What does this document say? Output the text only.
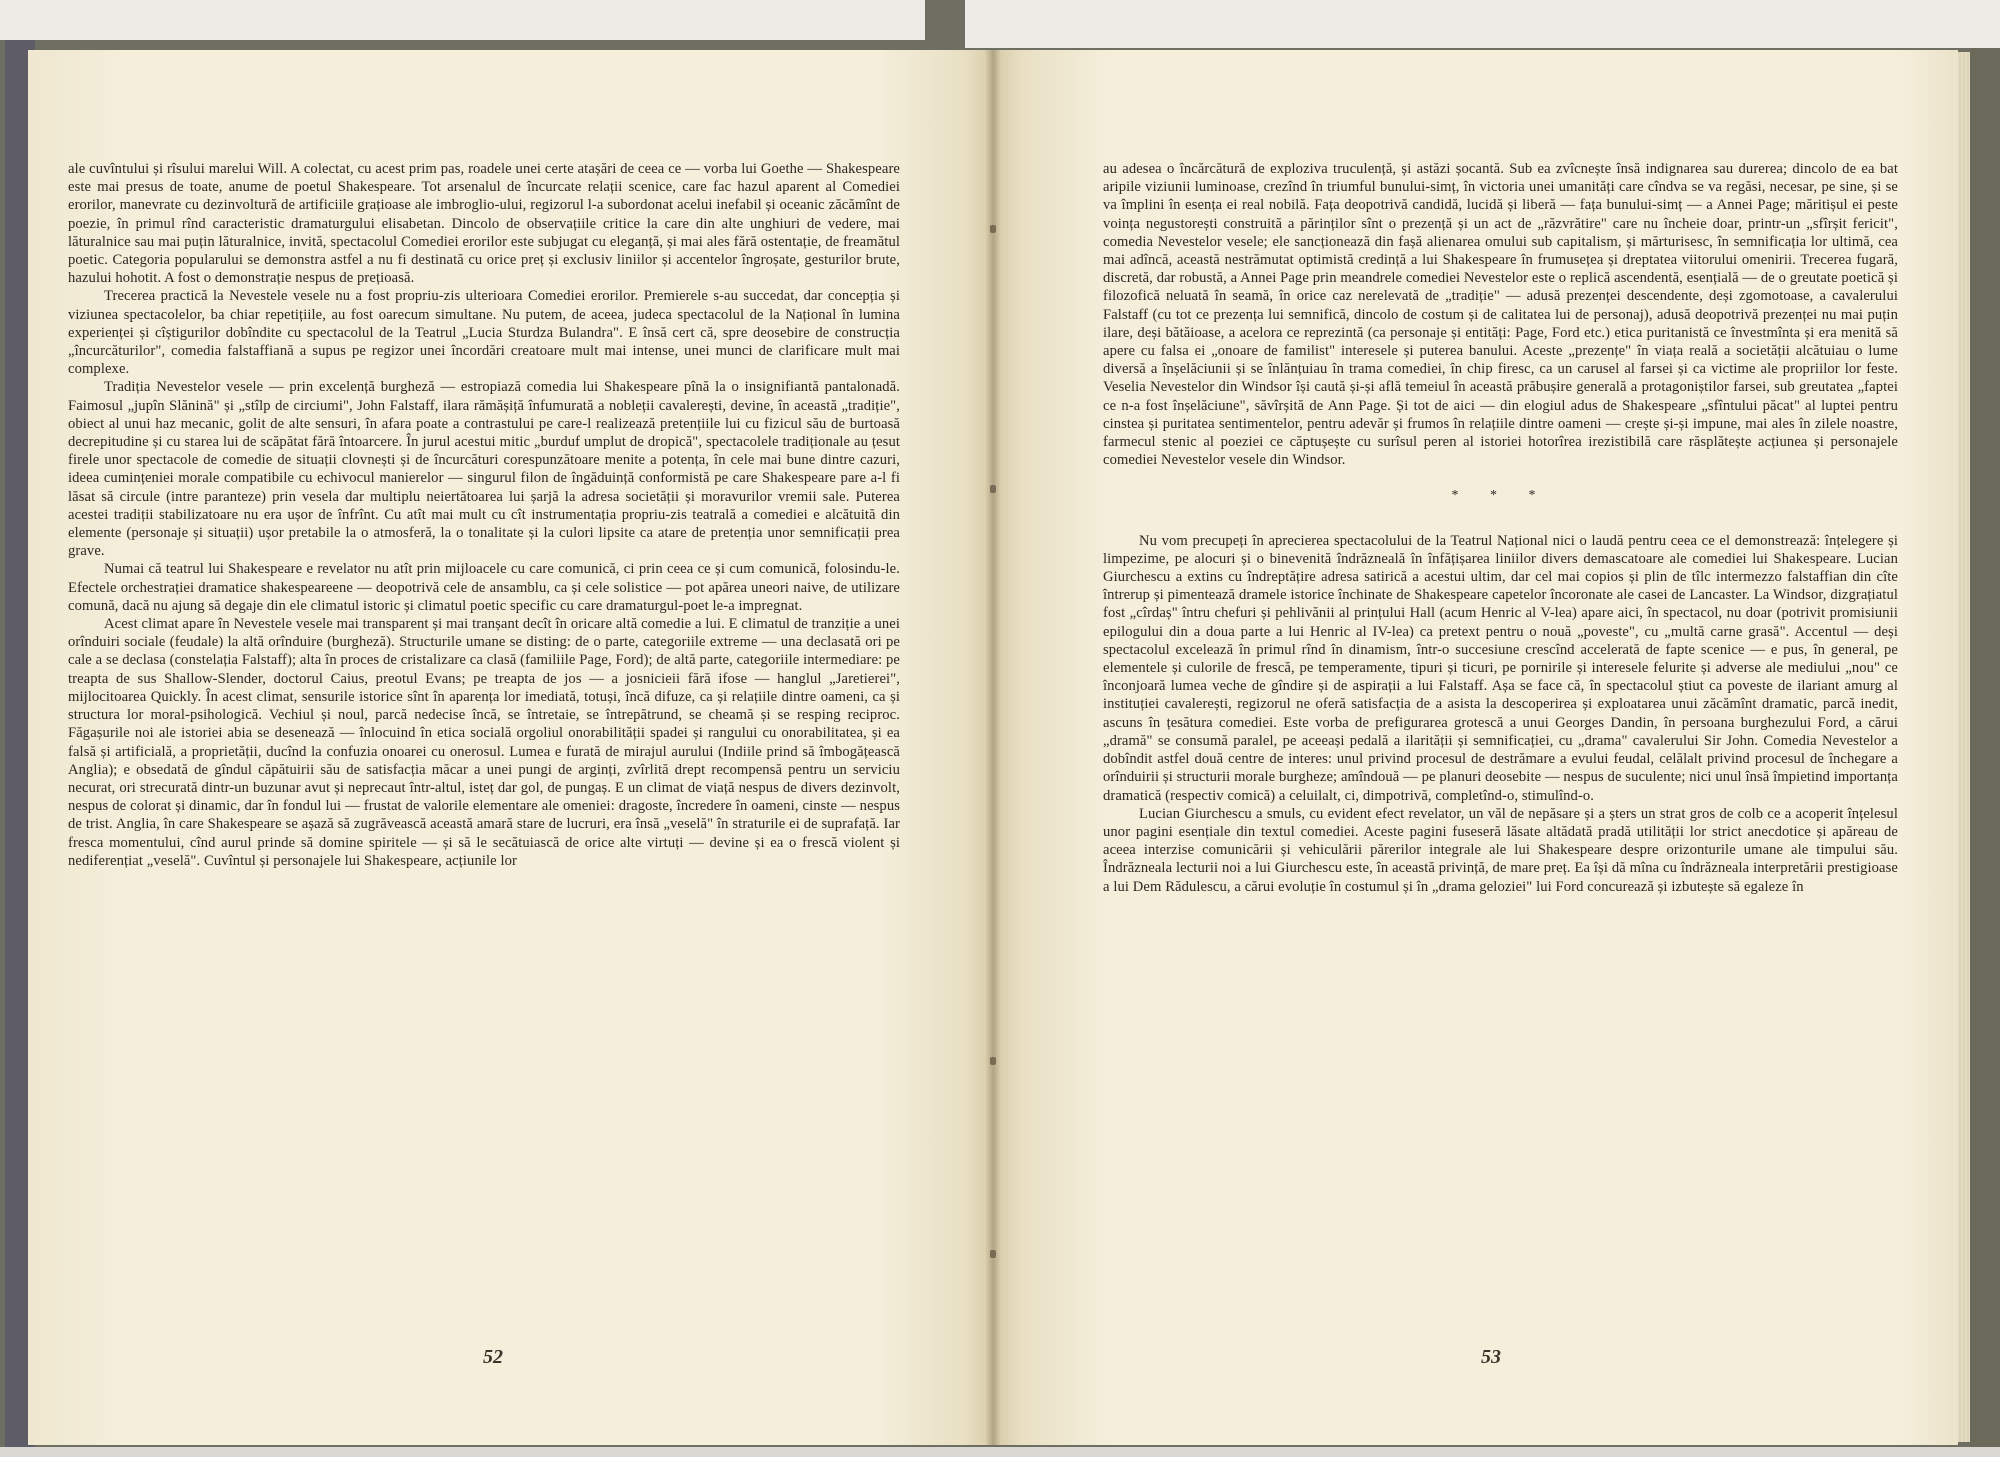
ale cuvîntului și rîsului marelui Will. A colectat, cu acest prim pas, roadele unei certe atașări de ceea ce — vorba lui Goethe — Shakespeare este mai presus de toate, anume de poetul Shakespeare. Tot arsenalul de încurcate relații scenice, care fac hazul aparent al Comediei erorilor, manevrate cu dezinvoltură de artificiile grațioase ale imbroglio-ului, regizorul l-a subordonat acelui inefabil și oceanic zăcămînt de poezie, în primul rînd caracteristic dramaturgului elisabetan. Dincolo de observațiile critice la care din alte unghiuri de vedere, mai lăturalnice sau mai puțin lăturalnice, invită, spectacolul Comediei erorilor este subjugat cu eleganță, și mai ales fără ostentație, de freamătul poetic. Categoria popularului se demonstra astfel a nu fi destinată cu orice preț și exclusiv liniilor și accentelor îngroșate, gesturilor brute, hazului hohotit. A fost o demonstrație nespus de prețioasă.

Trecerea practică la Nevestele vesele nu a fost propriu-zis ulterioara Comediei erorilor. Premierele s-au succedat, dar concepția și viziunea spectacolelor, ba chiar repetițiile, au fost oarecum simultane. Nu putem, de aceea, judeca spectacolul de la Național în lumina experienței și cîștigurilor dobîndite cu spectacolul de la Teatrul „Lucia Sturdza Bulandra". E însă cert că, spre deosebire de construcția „încurcăturilor", comedia falstaffiană a supus pe regizor unei încordări creatoare mult mai intense, unei munci de clarificare mult mai complexe.

Tradiția Nevestelor vesele — prin excelență burgheză — estropiază comedia lui Shakespeare pînă la o insignifiantă pantalonadă. Faimosul „jupîn Slănină" și „stîlp de circiumi", John Falstaff, ilara rămășiță înfumurată a nobleții cavalerești, devine, în această „tradiție", obiect al unui haz mecanic, golit de alte sensuri, în afara poate a contrastului pe care-l realizează pretențiile lui cu fizicul său de burtoasă decrepitudine și cu starea lui de scăpătat fără întoarcere. În jurul acestui mitic „burduf umplut de dropică", spectacolele tradiționale au țesut firele unor spectacole de comedie de situații clovnești și de încurcături corespunzătoare menite a potența, în cele mai bune dintre cazuri, ideea cumințeniei morale compatibile cu echivocul manierelor — singurul filon de îngăduință conformistă pe care Shakespeare pare a-l fi lăsat să circule (intre paranteze) prin vesela dar multiplu neiertătoarea lui șarjă la adresa societății și moravurilor vremii sale. Puterea acestei tradiții stabilizatoare nu era ușor de înfrînt. Cu atît mai mult cu cît instrumentația propriu-zis teatrală a comediei e alcătuită din elemente (personaje și situații) ușor pretabile la o atmosferă, la o tonalitate și la culori lipsite ca atare de pretenția unor semnificații prea grave.

Numai că teatrul lui Shakespeare e revelator nu atît prin mijloacele cu care comunică, ci prin ceea ce și cum comunică, folosindu-le. Efectele orchestrației dramatice shakespeareene — deopotrivă cele de ansamblu, ca și cele solistice — pot apărea uneori naive, de utilizare comună, dacă nu ajung să degaje din ele climatul istoric și climatul poetic specific cu care dramaturgul-poet le-a impregnat.

Acest climat apare în Nevestele vesele mai transparent și mai tranșant decît în oricare altă comedie a lui. E climatul de tranziție a unei orînduiri sociale (feudale) la altă orînduire (burgheză). Structurile umane se disting: de o parte, categoriile extreme — una declasată ori pe cale a se declasa (constelația Falstaff); alta în proces de cristalizare ca clasă (familiile Page, Ford); de altă parte, categoriile intermediare: pe treapta de sus Shallow-Slender, doctorul Caius, preotul Evans; pe treapta de jos — a josnicieii fără ifose — hanglul „Jaretierei", mijlocitoarea Quickly. În acest climat, sensurile istorice sînt în aparența lor imediată, totuși, încă difuze, ca și relațiile dintre oameni, ca și structura lor moral-psihologică. Vechiul și noul, parcă nedecise încă, se întretaie, se întrepătrund, se cheamă și se resping reciproc. Făgașurile noi ale istoriei abia se desenează — înlocuind în etica socială orgoliul onorabilității spadei și rangului cu onorabilitatea, și ea falsă și artificială, a proprietății, ducînd la confuzia onoarei cu onerosul. Lumea e furată de mirajul aurului (Indiile prind să îmbogățească Anglia); e obsedată de gîndul căpătuirii său de satisfacția măcar a unei pungi de arginți, zvîrlită drept recompensă pentru un serviciu necurat, ori strecurată dintr-un buzunar avut și neprecaut într-altul, isteț dar gol, de pungaș. E un climat de viață nespus de divers dezinvolt, nespus de colorat și dinamic, dar în fondul lui — frustat de valorile elementare ale omeniei: dragoste, încredere în oameni, cinste — nespus de trist. Anglia, în care Shakespeare se așază să zugrăvească această amară stare de lucruri, era însă „veselă" în straturile ei de suprafață. Iar fresca momentului, cînd aurul prinde să domine spiritele — și să le secătuiască de orice alte virtuți — devine și ea o frescă violent și nediferențiat „veselă". Cuvîntul și personajele lui Shakespeare, acțiunile lor

52

au adesea o încărcătură de exploziva truculență, și astăzi șocantă. Sub ea zvîcnește însă indignarea sau durerea; dincolo de ea bat aripile viziunii luminoase, crezînd în triumful bunului-simț, în victoria unei umanități care cîndva se va regăsi, necesar, pe sine, și se va împlini în esența ei real nobilă. Fața deopotrivă candidă, lucidă și liberă — fața bunului-simț — a Annei Page; măritișul ei peste voința negustorești construită a părinților sînt o prezență și un act de „răzvrătire" care nu încheie doar, printr-un „sfîrșit fericit", comedia Nevestelor vesele; ele sancționează din fașă alienarea omului sub capitalism, și mărturisesc, în semnificația lor ultimă, cea mai adîncă, această nestrămutat optimistă credință a lui Shakespeare în frumusețea și dreptatea viitorului omenirii. Trecerea fugară, discretă, dar robustă, a Annei Page prin meandrele comediei Nevestelor este o replică ascendentă, esențială — de o greutate poetică și filozofică neluată în seamă, în orice caz nerelevată de „tradiție" — adusă prezenței descendente, deși zgomotoase, a cavalerului Falstaff (cu tot ce prezența lui semnifică, dincolo de costum și de calitatea lui de personaj), adusă deopotrivă prezenței nu mai puțin ilare, deși bătăioase, a acelora ce reprezintă (ca personaje și entități: Page, Ford etc.) etica puritanistă ce învestmînta și era menită să apere cu falsa ei „onoare de familist" interesele și puterea banului. Aceste „prezențe" în viața reală a societății alcătuiau o lume diversă a înșelăciunii și se înlănțuiau în trama comediei, în chip firesc, ca un carusel al farsei și ca victime ale propriilor lor feste. Veselia Nevestelor din Windsor își caută și-și află temeiul în această prăbușire generală a protagoniștilor farsei, sub greutatea „faptei ce n-a fost înșelăciune", săvîrșită de Ann Page. Și tot de aici — din elogiul adus de Shakespeare „sfîntului păcat" al luptei pentru cinstea și puritatea sentimentelor, pentru adevăr și frumos în relațiile dintre oameni — crește și-și impune, mai ales în zilele noastre, farmecul stenic al poeziei ce căptușește cu surîsul peren al istoriei hotorîrea irezistibilă care răsplătește acțiunea și personajele comediei Nevestelor vesele din Windsor.

* * *

Nu vom precupeți în aprecierea spectacolului de la Teatrul Național nici o laudă pentru ceea ce el demonstrează: înțelegere și limpezime, pe alocuri și o binevenită îndrăzneală în înfățișarea liniilor divers demascatoare ale comediei lui Shakespeare. Lucian Giurchescu a extins cu îndreptățire adresa satirică a acestui ultim, dar cel mai copios și plin de tîlc intermezzo falstaffian din cîte întrerup și pimentează dramele istorice închinate de Shakespeare capetelor încoronate ale casei de Lancaster. La Windsor, dizgrațiatul fost „cîrdaș" întru chefuri și pehlivănii al prințului Hall (acum Henric al V-lea) apare aici, în spectacol, nu doar (potrivit promisiunii epilogului din a doua parte a lui Henric al IV-lea) ca pretext pentru o nouă „poveste", cu „multă carne grasă". Accentul — deși spectacolul excelează în primul rînd în dinamism, într-o succesiune crescînd accelerată de fapte scenice — e pus, în general, pe elementele și culorile de frescă, pe temperamente, tipuri și ticuri, pe pornirile și interesele felurite și adverse ale mediului „nou" ce înconjoară lumea veche de gîndire și de aspirații a lui Falstaff. Așa se face că, în spectacolul știut ca poveste de ilariant amurg al instituției cavalerești, regizorul ne oferă satisfacția de a asista la descoperirea și exploatarea unui zăcămînt dramatic, parcă inedit, ascuns în țesătura comediei. Este vorba de prefigurarea grotescă a unui Georges Dandin, în persoana burghezului Ford, a cărui „dramă" se consumă paralel, pe aceeași pedală a ilarității și semnificației, cu „drama" cavalerului Sir John. Comedia Nevestelor a dobîndit astfel două centre de interes: unul privind procesul de destrămare a evului feudal, celălalt privind procesul de închegare a orînduirii și structurii morale burgheze; amîndouă — pe planuri deosebite — nespus de suculente; nici unul însă împietind importanța dramatică (respectiv comică) a celuilalt, ci, dimpotrivă, completînd-o, stimulînd-o.

Lucian Giurchescu a smuls, cu evident efect revelator, un văl de nepăsare și a șters un strat gros de colb ce a acoperit înțelesul unor pagini esențiale din textul comediei. Aceste pagini fuseseră lăsate altădată pradă utilității lor strict anecdotice și apăreau de aceea interzise comunicării și vehiculării părerilor integrale ale lui Shakespeare despre orizonturile umane ale timpului său. Îndrăzneala lecturii noi a lui Giurchescu este, în această privință, de mare preț. Ea își dă mîna cu îndrăzneala interpretării prestigioase a lui Dem Rădulescu, a cărui evoluție în costumul și în „drama geloziei" lui Ford concurează și izbutește să egaleze în

53
